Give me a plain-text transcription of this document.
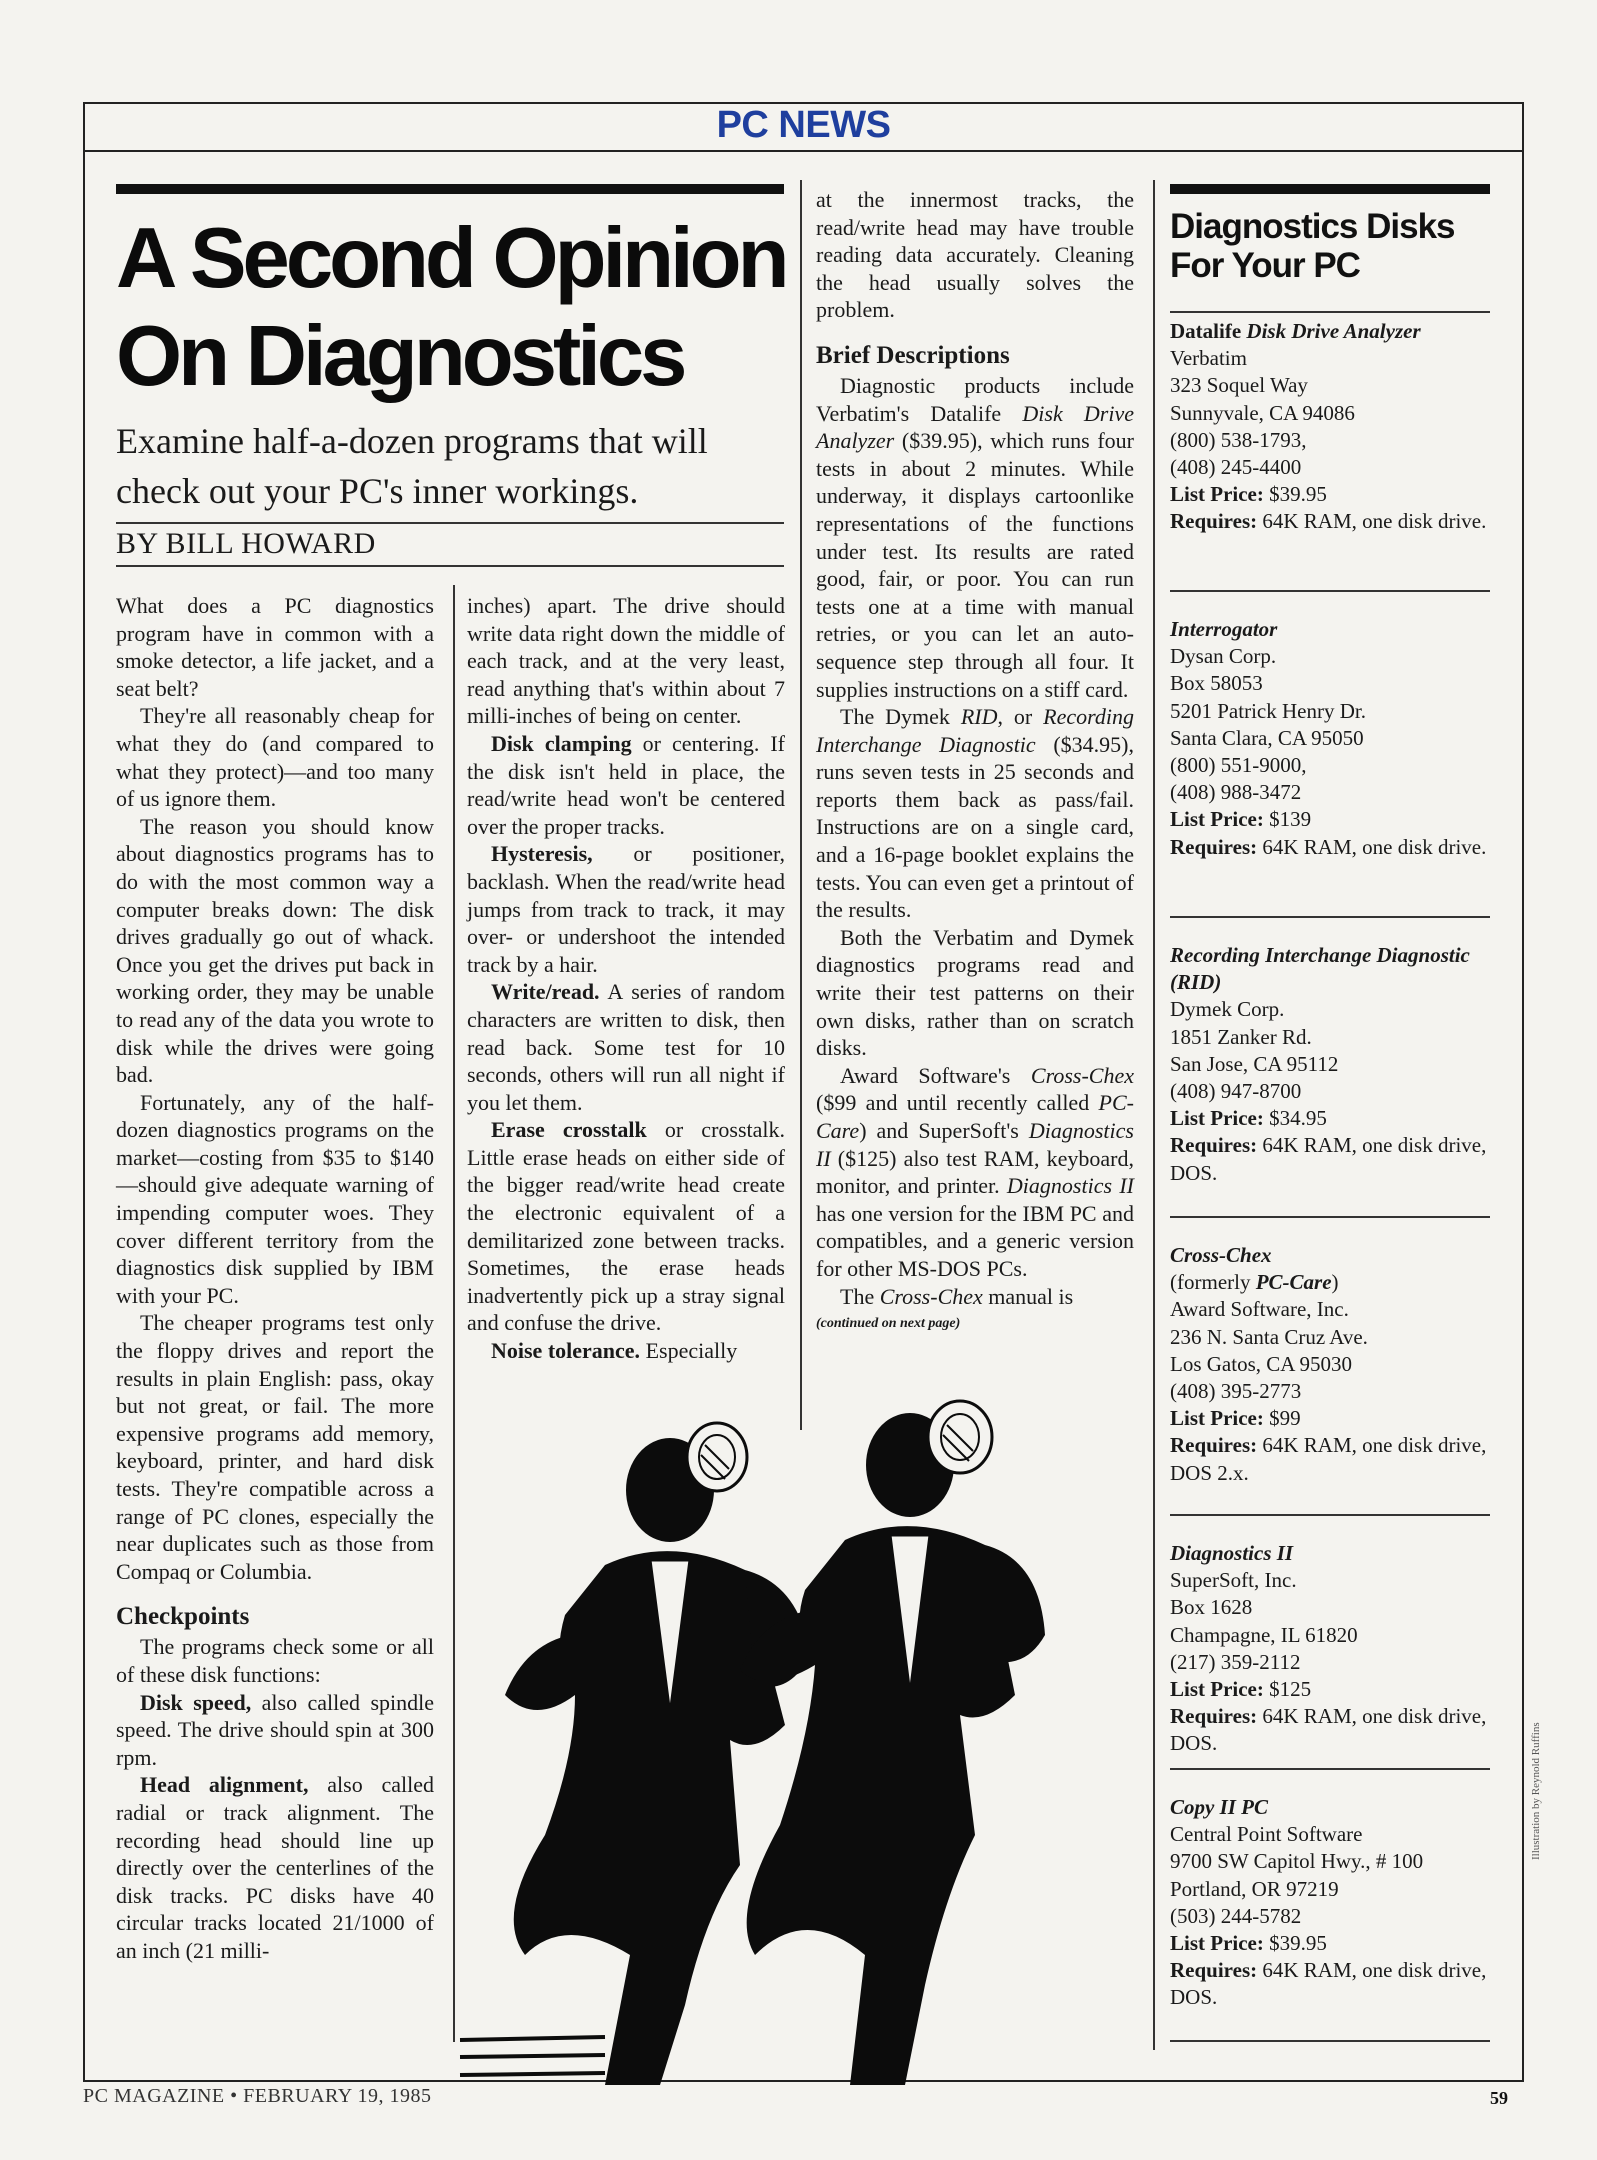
PC NEWS
A Second Opinion
On Diagnostics
Examine half-a-dozen programs that will check out your PC's inner workings.
BY BILL HOWARD

What does a PC diagnostics program have in common with a smoke detector, a life jacket, and a seat belt?

They're all reasonably cheap for what they do (and compared to what they protect)—and too many of us ignore them.

The reason you should know about diagnostics programs has to do with the most common way a computer breaks down: The disk drives gradually go out of whack. Once you get the drives put back in working order, they may be unable to read any of the data you wrote to disk while the drives were going bad.

Fortunately, any of the half-dozen diagnostics programs on the market—costing from $35 to $140—should give adequate warning of impending computer woes. They cover different territory from the diagnostics disk supplied by IBM with your PC.

The cheaper programs test only the floppy drives and report the results in plain English: pass, okay but not great, or fail. The more expensive programs add memory, keyboard, printer, and hard disk tests. They're compatible across a range of PC clones, especially the near duplicates such as those from Compaq or Columbia.

Checkpoints

The programs check some or all of these disk functions:

Disk speed, also called spindle speed. The drive should spin at 300 rpm.

Head alignment, also called radial or track alignment. The recording head should line up directly over the centerlines of the disk tracks. PC disks have 40 circular tracks located 21/1000 of an inch (21 milli-

inches) apart. The drive should write data right down the middle of each track, and at the very least, read anything that's within about 7 milli-inches of being on center.

Disk clamping or centering. If the disk isn't held in place, the read/write head won't be centered over the proper tracks.

Hysteresis, or positioner, backlash. When the read/write head jumps from track to track, it may over- or undershoot the intended track by a hair.

Write/read. A series of random characters are written to disk, then read back. Some test for 10 seconds, others will run all night if you let them.

Erase crosstalk or crosstalk. Little erase heads on either side of the bigger read/write head create the electronic equivalent of a demilitarized zone between tracks. Sometimes, the erase heads inadvertently pick up a stray signal and confuse the drive.

Noise tolerance. Especially

at the innermost tracks, the read/write head may have trouble reading data accurately. Cleaning the head usually solves the problem.

Brief Descriptions

Diagnostic products include Verbatim's Datalife Disk Drive Analyzer ($39.95), which runs four tests in about 2 minutes. While underway, it displays cartoonlike representations of the functions under test. Its results are rated good, fair, or poor. You can run tests one at a time with manual retries, or you can let an auto-sequence step through all four. It supplies instructions on a stiff card.

The Dymek RID, or Recording Interchange Diagnostic ($34.95), runs seven tests in 25 seconds and reports them back as pass/fail. Instructions are on a single card, and a 16-page booklet explains the tests. You can even get a printout of the results.

Both the Verbatim and Dymek diagnostics programs read and write their test patterns on their own disks, rather than on scratch disks.

Award Software's Cross-Chex ($99 and until recently called PC-Care) and SuperSoft's Diagnostics II ($125) also test RAM, keyboard, monitor, and printer. Diagnostics II has one version for the IBM PC and compatibles, and a generic version for other MS-DOS PCs.

The Cross-Chex manual is

(continued on next page)

Diagnostics Disks For Your PC
Datalife Disk Drive Analyzer
Verbatim
323 Soquel Way
Sunnyvale, CA 94086
(800) 538-1793,
(408) 245-4400
List Price: $39.95
Requires: 64K RAM, one disk drive.
Interrogator
Dysan Corp.
Box 58053
5201 Patrick Henry Dr.
Santa Clara, CA 95050
(800) 551-9000,
(408) 988-3472
List Price: $139
Requires: 64K RAM, one disk drive.
Recording Interchange Diagnostic (RID)
Dymek Corp.
1851 Zanker Rd.
San Jose, CA 95112
(408) 947-8700
List Price: $34.95
Requires: 64K RAM, one disk drive, DOS.
Cross-Chex
(formerly PC-Care)
Award Software, Inc.
236 N. Santa Cruz Ave.
Los Gatos, CA 95030
(408) 395-2773
List Price: $99
Requires: 64K RAM, one disk drive, DOS 2.x.
Diagnostics II
SuperSoft, Inc.
Box 1628
Champagne, IL 61820
(217) 359-2112
List Price: $125
Requires: 64K RAM, one disk drive, DOS.
Copy II PC
Central Point Software
9700 SW Capitol Hwy., # 100
Portland, OR 97219
(503) 244-5782
List Price: $39.95
Requires: 64K RAM, one disk drive, DOS.
PC MAGAZINE • FEBRUARY 19, 1985	59
Illustration by Reynold Ruffins
